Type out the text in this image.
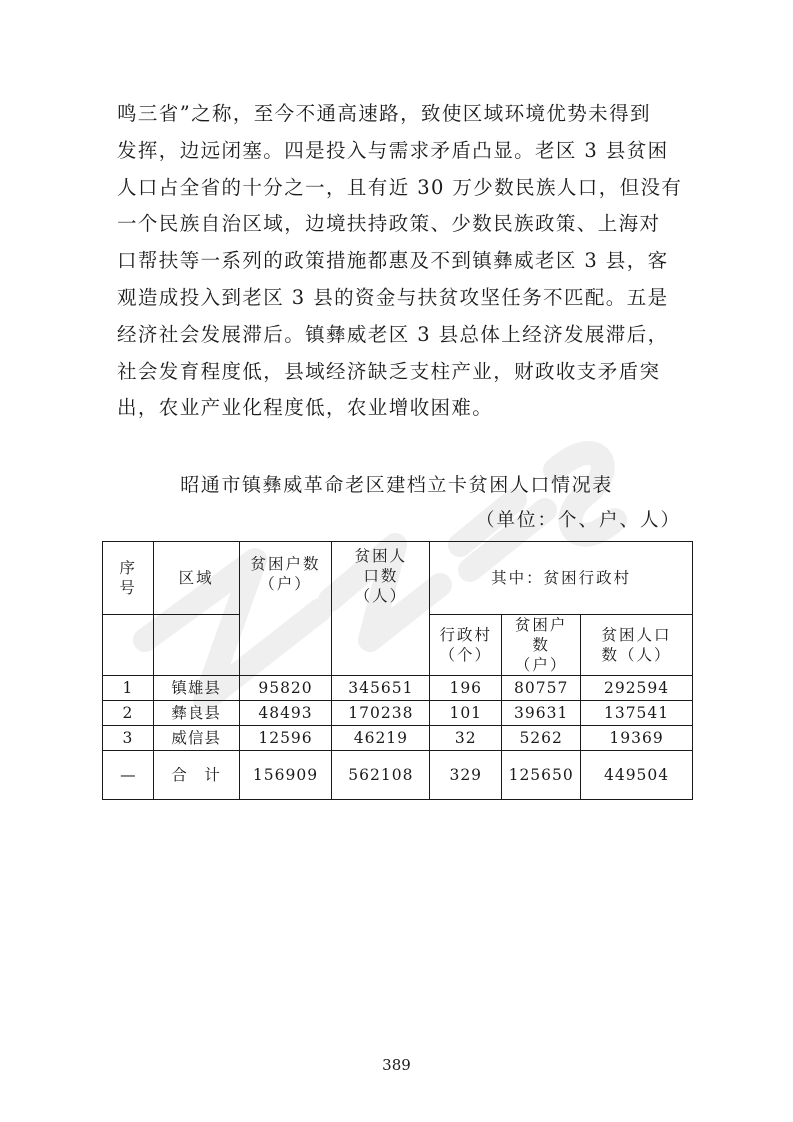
鸣三省”之称，至今不通高速路，致使区域环境优势未得到
发挥，边远闭塞。四是投入与需求矛盾凸显。老区 3 县贫困
人口占全省的十分之一，且有近 30 万少数民族人口，但没有
一个民族自治区域，边境扶持政策、少数民族政策、上海对
口帮扶等一系列的政策措施都惠及不到镇彝威老区 3 县，客
观造成投入到老区 3 县的资金与扶贫攻坚任务不匹配。五是
经济社会发展滞后。镇彝威老区 3 县总体上经济发展滞后，
社会发育程度低，县域经济缺乏支柱产业，财政收支矛盾突
出，农业产业化程度低，农业增收困难。
昭通市镇彝威革命老区建档立卡贫困人口情况表
（单位：个、户、人）
序号	区域	贫困户数（户）	贫困人口数（人）	其中：贫困行政村		
				行政村（个）	贫困户数（户）	贫困人口数（人）
1	镇雄县	95820	345651	196	80757	292594
2	彝良县	48493	170238	101	39631	137541
3	威信县	12596	46219	32	5262	19369
—	合　计	156909	562108	329	125650	449504
389
